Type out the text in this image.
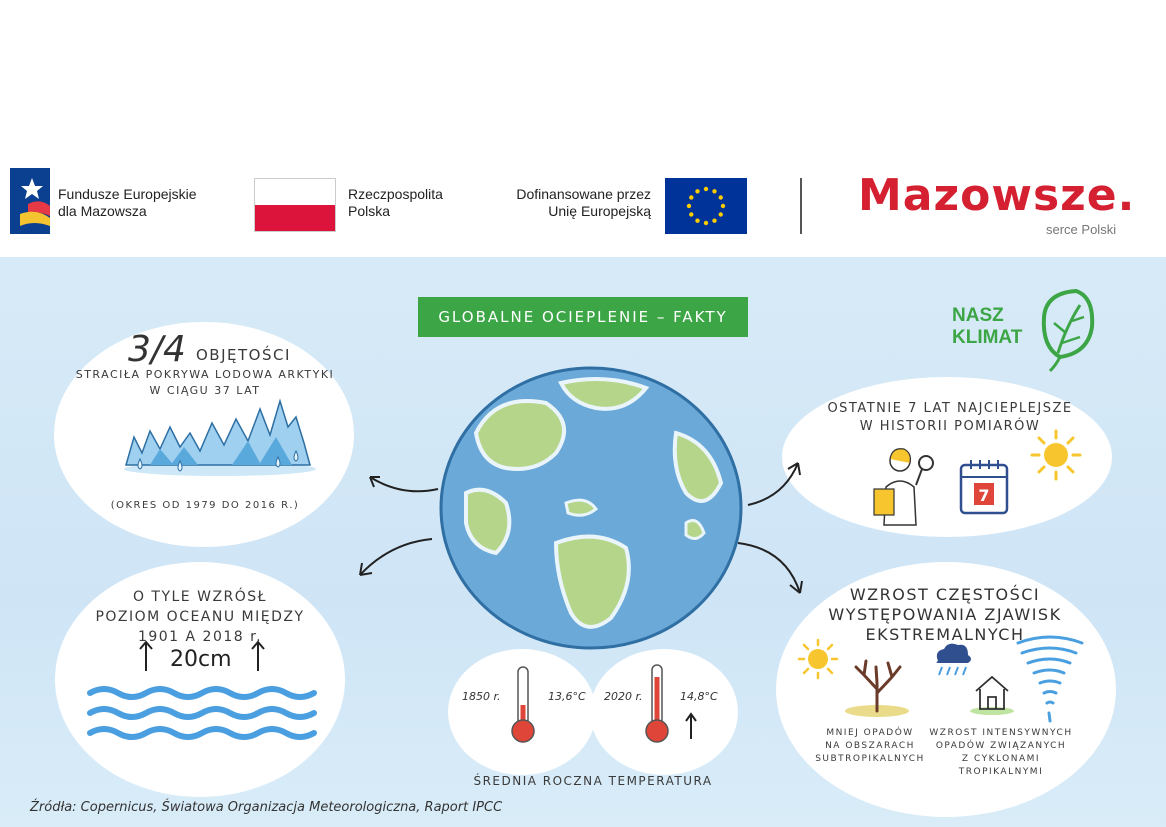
Fundusze Europejskie
dla Mazowsza
Rzeczpospolita
Polska
Dofinansowane przez
Unię Europejską	Mazowsze.
serce Polski
GLOBALNE OCIEPLENIE – FAKTY	NASZ
KLIMAT
3/4 OBJĘTOŚCI
STRACIŁA POKRYWA LODOWA ARKTYKI
W CIĄGU 37 LAT
(OKRES OD 1979 DO 2016 R.)
O TYLE WZRÓSŁ
POZIOM OCEANU MIĘDZY
1901 A 2018 r.
20cm
OSTATNIE 7 LAT NAJCIEPLEJSZE
W HISTORII POMIARÓW
7
WZROST CZĘSTOŚCI
WYSTĘPOWANIA ZJAWISK
EKSTREMALNYCH
MNIEJ OPADÓW
NA OBSZARACH
SUBTROPIKALNYCH
WZROST INTENSYWNYCH
OPADÓW ZWIĄZANYCH
Z CYKLONAMI
TROPIKALNYMI
1850 r.	13,6°C 2020 r.	14,8°C
ŚREDNIA ROCZNA TEMPERATURA
Źródła: Copernicus, Światowa Organizacja Meteorologiczna, Raport IPCC
